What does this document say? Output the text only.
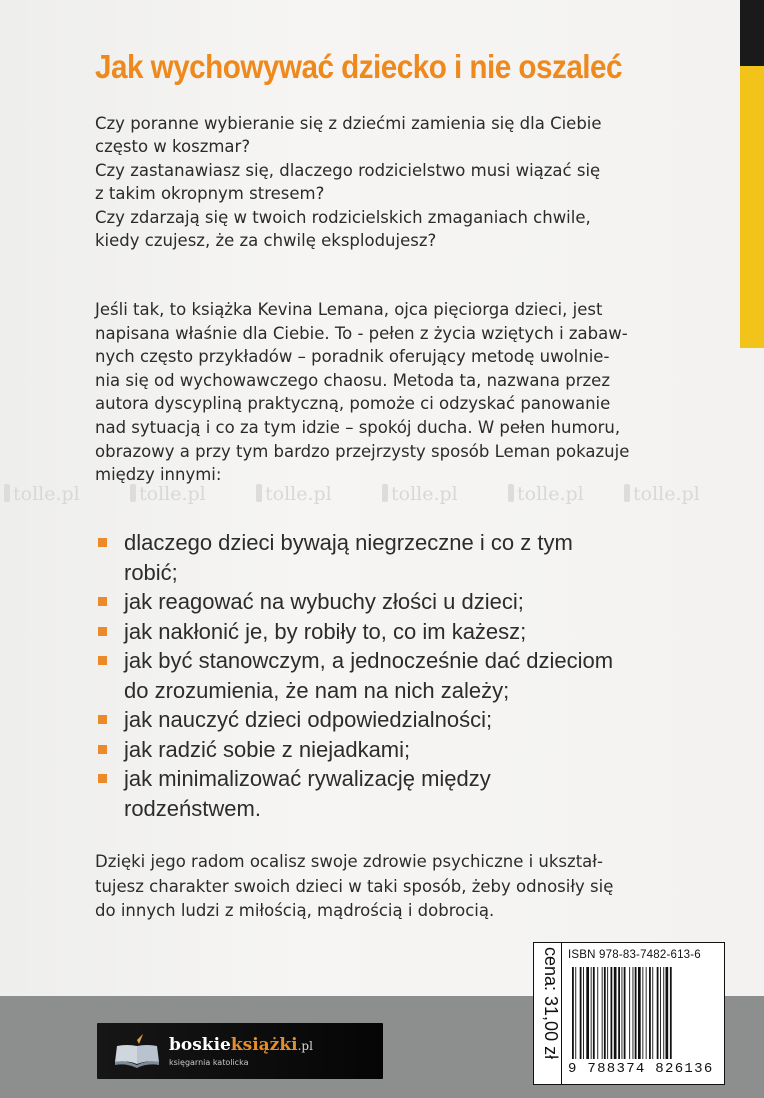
Jak wychowywać dziecko i nie oszaleć
Czy poranne wybieranie się z dziećmi zamienia się dla Ciebie
często w koszmar?
Czy zastanawiasz się, dlaczego rodzicielstwo musi wiązać się
z takim okropnym stresem?
Czy zdarzają się w twoich rodzicielskich zmaganiach chwile,
kiedy czujesz, że za chwilę eksplodujesz?
Jeśli tak, to książka Kevina Lemana, ojca pięciorga dzieci, jest
napisana właśnie dla Ciebie. To - pełen z życia wziętych i zabaw-
nych często przykładów – poradnik oferujący metodę uwolnie-
nia się od wychowawczego chaosu. Metoda ta, nazwana przez
autora dyscypliną praktyczną, pomoże ci odzyskać panowanie
nad sytuacją i co za tym idzie – spokój ducha. W pełen humoru,
obrazowy a przy tym bardzo przejrzysty sposób Leman pokazuje
między innymi:
tolle.pl	tolle.pl	tolle.pl	tolle.pl	tolle.pl	tolle.pl
dlaczego dzieci bywają niegrzeczne i co z tym
robić;
jak reagować na wybuchy złości u dzieci;
jak nakłonić je, by robiły to, co im każesz;
jak być stanowczym, a jednocześnie dać dzieciom
do zrozumienia, że nam na nich zależy;
jak nauczyć dzieci odpowiedzialności;
jak radzić sobie z niejadkami;
jak minimalizować rywalizację między
rodzeństwem.
Dzięki jego radom ocalisz swoje zdrowie psychiczne i ukształ-
tujesz charakter swoich dzieci w taki sposób, żeby odnosiły się
do innych ludzi z miłością, mądrością i dobrocią.
boskieksiążki.pl
księgarnia katolicka
cena: 31,00 zł ISBN 978-83-7482-613-6
9 788374 826136
